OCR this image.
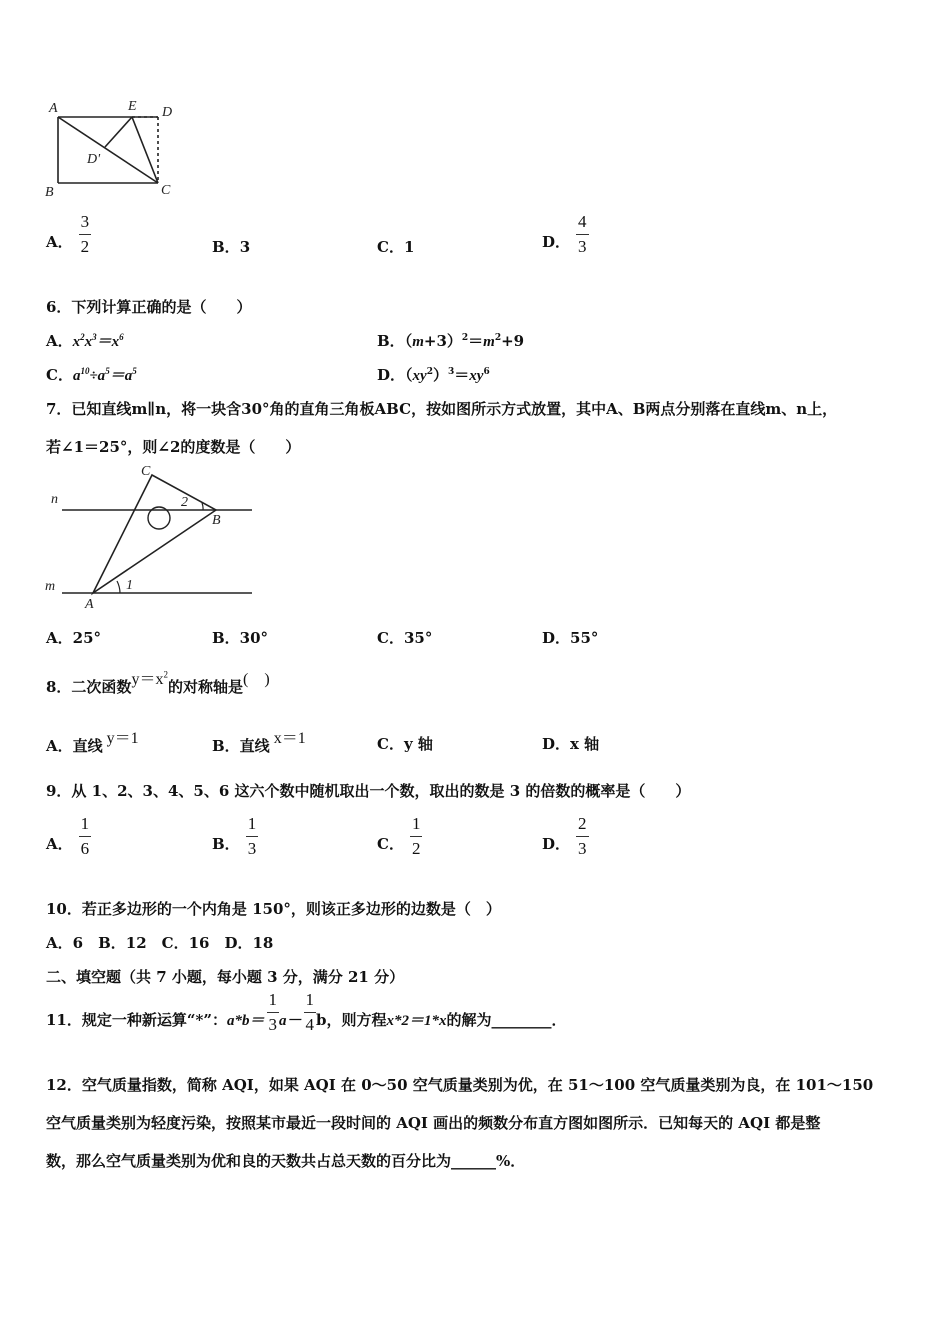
A	E D
D'
B	C
A． $\frac{3}{2}$	B．3	C．1	D． $\frac{4}{3}$
6．下列计算正确的是（　　）
A．$x^2x^3=x^6$	B．$(m+3)^2=m^2+9$
C．$a^{10}\div a^5=a^5$	D．$(xy^2)^3=xy^6$
7．已知直线m∥n，将一块含30°角的直角三角板ABC，按如图所示方式放置，其中A、B两点分别落在直线m、n上，
若∠1＝25°，则∠2的度数是（　　）
n
m
C
B
A
1
2
A．25°	B．30°	C．35°	D．55°
8．二次函数$y=x^2$的对称轴是(　)
A．直线 y＝1	B．直线 x＝1	C．y 轴	D．x 轴
9．从 1、2、3、4、5、6 这六个数中随机取出一个数，取出的数是 3 的倍数的概率是（　　）
A． $\frac{1}{6}$	B． $\frac{1}{3}$	C． $\frac{1}{2}$	D． $\frac{2}{3}$
10．若正多边形的一个内角是 150°，则该正多边形的边数是（　）
A．6　B．12　C．16　D．18
二、填空题（共 7 小题，每小题 3 分，满分 21 分）
11．规定一种新运算“*”：$a*b= \frac{1}{3} a- \frac{1}{4}$ b，则方程x*2＝1*x的解为________．
12．空气质量指数，简称 AQI，如果 AQI 在 0～50 空气质量类别为优，在 51～100 空气质量类别为良，在 101～150
空气质量类别为轻度污染，按照某市最近一段时间的 AQI 画出的频数分布直方图如图所示．已知每天的 AQI 都是整
数，那么空气质量类别为优和良的天数共占总天数的百分比为______%．
